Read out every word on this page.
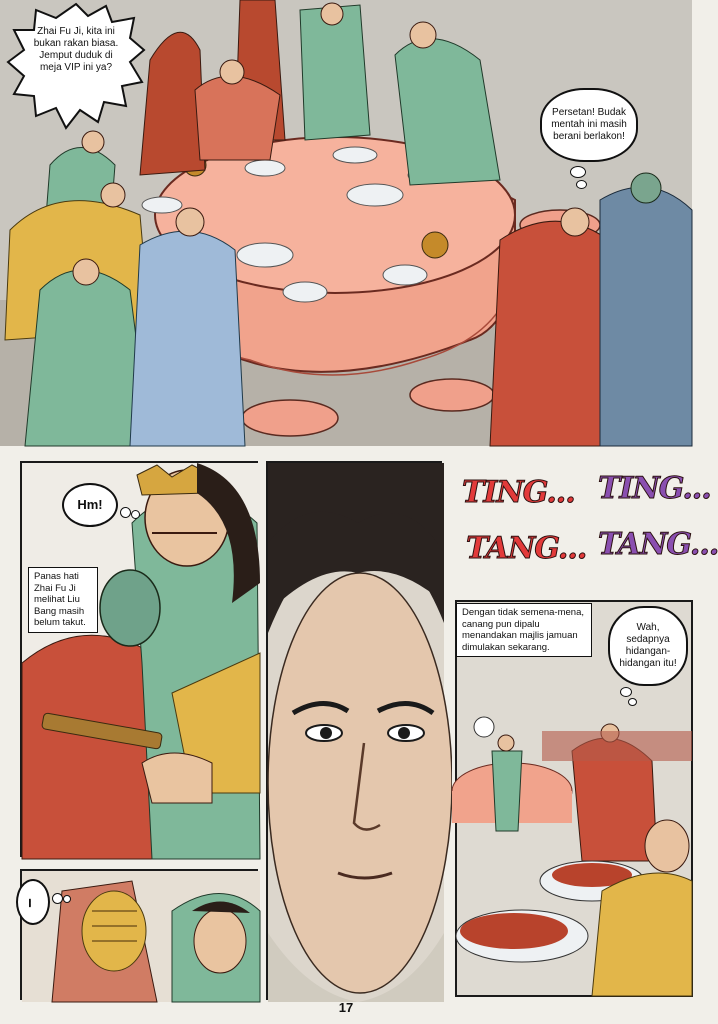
Zhai Fu Ji, kita ini bukan rakan biasa. Jemput duduk di meja VIP ini ya?
Persetan! Budak mentah ini masih berani berlakon!
Hm!
Panas hati Zhai Fu Ji melihat Liu Bang masih belum takut.
......
TING... TING...
TANG... TANG...
Dengan tidak semena-mena, canang pun dipalu menandakan majlis jamuan dimulakan sekarang.
Wah, sedapnya hidangan-hidangan itu!
17
